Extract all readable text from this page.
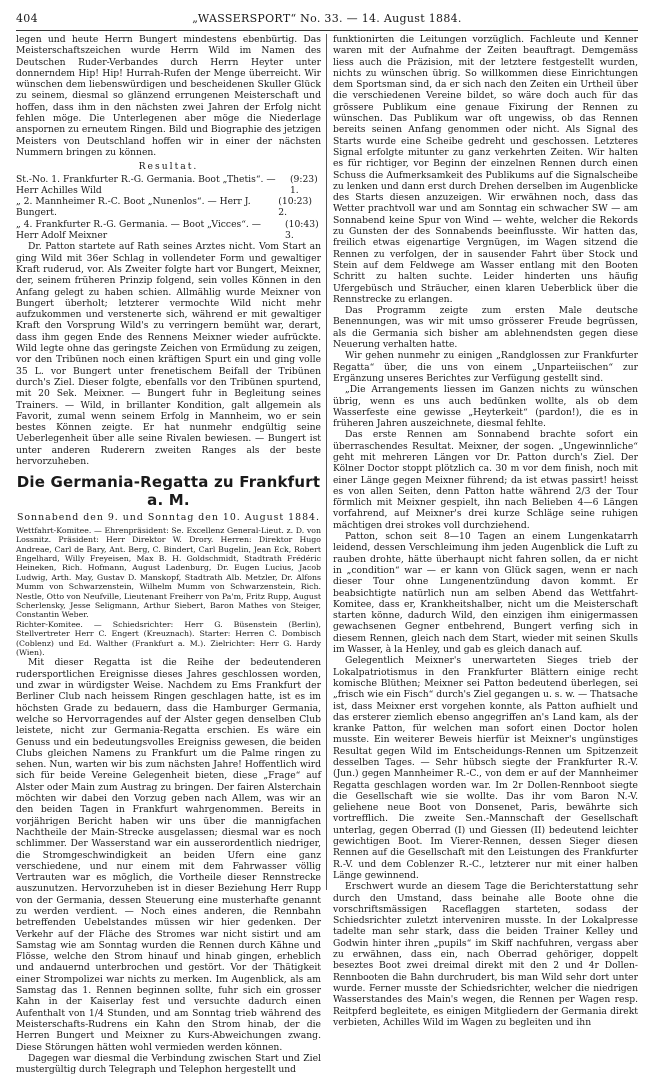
404	„WASSERSPORT“ No. 33. — 14. August 1884.

legen und heute Herrn Bungert mindestens ebenbürtig. Das Meisterschaftszeichen wurde Herrn Wild im Namen des Deutschen Ruder-Verbandes durch Herrn Heyter unter donnerndem Hip! Hip! Hurrah-Rufen der Menge überreicht. Wir wünschen dem liebenswürdigen und bescheidenen Skuller Glück zu seinem, diesmal so glänzend errungenen Meisterschaft und hoffen, dass ihm in den nächsten zwei Jahren der Erfolg nicht fehlen möge. Die Unterlegenen aber möge die Niederlage anspornen zu erneutem Ringen. Bild und Biographie des jetzigen Meisters von Deutschland hoffen wir in einer der nächsten Nummern bringen zu können.

Resultat.
St.-No. 1. Frankfurter R.-G. Germania. Boot „Thetis“. — Herr Achilles Wild
(9:23) 1.
„ 2. Mannheimer R.-C. Boot „Nunenlos“. — Herr J. Bungert.
(10:23) 2.
„ 4. Frankfurter R.-G. Germania. — Boot „Vicces“. — Herr Adolf Meixner
(10:43) 3.

Dr. Patton startete auf Rath seines Arztes nicht. Vom Start an ging Wild mit 36er Schlag in vollendeter Form und gewaltiger Kraft ruderud, vor. Als Zweiter folgte hart vor Bungert, Meixner, der, seinem früheren Prinzip folgend, sein volles Können in den Anfang gelegt zu haben schien. Allmählig wurde Meixner von Bungert überholt; letzterer vermochte Wild nicht mehr aufzukommen und verstenerte sich, während er mit gewaltiger Kraft den Vorsprung Wild's zu verringern bemüht war, derart, dass ihm gegen Ende des Rennens Meixner wieder aufrückte. Wild legte ohne das geringste Zeichen von Ermüdung zu zeigen, vor den Tribünen noch einen kräftigen Spurt ein und ging volle 35 L. vor Bungert unter frenetischem Beifall der Tribünen durch's Ziel. Dieser folgte, ebenfalls vor den Tribünen spurtend, mit 20 Sek. Meixner. — Bungert fuhr in Begleitung seines Trainers. — Wild, in brillanter Kondition, galt allgemein als Favorit, zumal wenn seinem Erfolg in Mannheim, wo er sein bestes Können zeigte. Er hat nunmehr endgültig seine Ueberlegenheit über alle seine Rivalen bewiesen. — Bungert ist unter anderen Ruderern zweiten Ranges als der beste hervorzuheben.

Die Germania-Regatta zu Frankfurt a. M.
Sonnabend den 9. und Sonntag den 10. August 1884.

Wettfahrt-Komitee. — Ehrenpräsident: Se. Excellenz General-Lieut. z. D. von Lossnitz. Präsident: Herr Direktor W. Drory. Herren: Direktor Hugo Andreae, Carl de Bary, Ant. Berg, C. Bindert, Carl Bugelin, Jean Eck, Robert Engelhard, Willy Freyeisen, Max B. H. Goldschmidt, Stadtrath Frédéric Heineken, Rich. Hofmann, August Ladenburg, Dr. Eugen Lucius, Jacob Ludwig, Arth. May, Gustav D. Manskopf, Stadtrath Alb. Metzler, Dr. Alfons Mumm von Schwarzenstein, Wilhelm Mumm von Schwarzenstein, Rich. Nestle, Otto von Neufville, Lieutenant Freiherr von Pa'm, Fritz Rupp, August Scherlensky, Jesse Seligmann, Arthur Siebert, Baron Mathes von Steiger, Constantin Weber.

Richter-Komitee. — Schiedsrichter: Herr G. Büsenstein (Berlin), Stellvertreter Herr C. Engert (Kreuznach). Starter: Herren C. Dombisch (Coblenz) und Ed. Walther (Frankfurt a. M.). Zielrichter: Herr G. Hardy (Wien).

Mit dieser Regatta ist die Reihe der bedeutenderen rudersportlichen Ereignisse dieses Jahres geschlossen worden, und zwar in würdigster Weise. Nachdem zu Ems Frankfurt der Berliner Club nach heissem Ringen geschlagen hatte, ist es im höchsten Grade zu bedauern, dass die Hamburger Germania, welche so Hervorragendes auf der Alster gegen denselben Club leistete, nicht zur Germania-Regatta erschien. Es wäre ein Genuss und ein bedeutungsvolles Ereigniss gewesen, die beiden Clubs gleichen Namens zu Frankfurt um die Palme ringen zu sehen. Nun, warten wir bis zum nächsten Jahre! Hoffentlich wird sich für beide Vereine Gelegenheit bieten, diese „Frage“ auf Alster oder Main zum Austrag zu bringen. Der fairen Alsterchain möchten wir dabei den Vorzug geben nach Allem, was wir an den beiden Tagen in Frankfurt wahrgenommen. Bereits in vorjährigen Bericht haben wir uns über die mannigfachen Nachtheile der Main-Strecke ausgelassen; diesmal war es noch schlimmer. Der Wasserstand war ein ausserordentlich niedriger, die Stromgeschwindigkeit an beiden Ufern eine ganz verschiedene, und nur einem mit dem Fahrwasser völlig Vertrauten war es möglich, die Vortheile dieser Rennstrecke auszunutzen. Hervorzuheben ist in dieser Beziehung Herr Rupp von der Germania, dessen Steuerung eine musterhafte genannt zu werden verdient. — Noch eines anderen, die Rennbahn betreffenden Uebelstandes müssen wir hier gedenken. Der Verkehr auf der Fläche des Stromes war nicht sistirt und am Samstag wie am Sonntag wurden die Rennen durch Kähne und Flösse, welche den Strom hinauf und hinab gingen, erheblich und andauernd unterbrochen und gestört. Vor der Thätigkeit einer Strompolizei war nichts zu merken. Im Augenblick, als am Samstag das 1. Rennen beginnen sollte, fuhr sich ein grosser Kahn in der Kaiserlay fest und versuchte dadurch einen Aufenthalt von 1/4 Stunden, und am Sonntag trieb während des Meisterschafts-Rudrens ein Kahn den Strom hinab, der die Herren Bungert und Meixner zu Kurs-Abweichungen zwang. Diese Störungen hätten wohl vermieden werden können.

Dagegen war diesmal die Verbindung zwischen Start und Ziel mustergültig durch Telegraph und Telephon hergestellt und

funktionirten die Leitungen vorzüglich. Fachleute und Kenner waren mit der Aufnahme der Zeiten beauftragt. Demgemäss liess auch die Präzision, mit der letztere festgestellt wurden, nichts zu wünschen übrig. So willkommen diese Einrichtungen dem Sportsman sind, da er sich nach den Zeiten ein Urtheil über die verschiedenen Vereine bildet, so wäre doch auch für das grössere Publikum eine genaue Fixirung der Rennen zu wünschen. Das Publikum war oft ungewiss, ob das Rennen bereits seinen Anfang genommen oder nicht. Als Signal des Starts wurde eine Scheibe gedreht und geschossen. Letzteres Signal erfolgte mitunter zu ganz verkehrten Zeiten. Wir halten es für richtiger, vor Beginn der einzelnen Rennen durch einen Schuss die Aufmerksamkeit des Publikums auf die Signalscheibe zu lenken und dann erst durch Drehen derselben im Augenblicke des Starts diesen anzuzeigen. Wir erwähnen noch, dass das Wetter prachtvoll war und am Sonntag ein schwacher SW — am Sonnabend keine Spur von Wind — wehte, welcher die Rekords zu Gunsten der des Sonnabends beeinflusste. Wir hatten das, freilich etwas eigenartige Vergnügen, im Wagen sitzend die Rennen zu verfolgen, der in sausender Fahrt über Stock und Stein auf dem Feldwege am Wasser entlang mit den Booten Schritt zu halten suchte. Leider hinderten uns häufig Ufergebüsch und Sträucher, einen klaren Ueberblick über die Rennstrecke zu erlangen.

Das Programm zeigte zum ersten Male deutsche Benennungen, was wir mit umso grösserer Freude begrüssen, als die Germania sich bisher am ablehnendsten gegen diese Neuerung verhalten hatte.

Wir gehen nunmehr zu einigen „Randglossen zur Frankfurter Regatta“ über, die uns von einem „Unparteiischen“ zur Ergänzung unseres Berichtes zur Verfügung gestellt sind.

„Die Arrangements liessen im Ganzen nichts zu wünschen übrig, wenn es uns auch bedünken wollte, als ob dem Wasserfeste eine gewisse „Heyterkeit“ (pardon!), die es in früheren Jahren auszeichnete, diesmal fehlte.

Das erste Rennen am Sonnabend brachte sofort ein überraschendes Resultat. Meixner, der sogen. „Ungewinnliche“ geht mit mehreren Längen vor Dr. Patton durch's Ziel. Der Kölner Doctor stoppt plötzlich ca. 30 m vor dem finish, noch mit einer Länge gegen Meixner führend; da ist etwas passirt! heisst es von allen Seiten, denn Patton hatte während 2/3 der Tour förmlich mit Meixner gespielt, ihn nach Belieben 4—6 Längen vorfahrend, auf Meixner's drei kurze Schläge seine ruhigen mächtigen drei strokes voll durchziehend.

Patton, schon seit 8—10 Tagen an einem Lungenkatarrh leidend, dessen Verschleimung ihm jeden Augenblick die Luft zu rauben drohte, hätte überhaupt nicht fahren sollen, da er nicht in „condition“ war — er kann von Glück sagen, wenn er nach dieser Tour ohne Lungenentzündung davon kommt. Er beabsichtigte natürlich nun am selben Abend das Wettfahrt-Komitee, dass er, Krankheitshalber, nicht um die Meisterschaft starten könne, dadurch Wild, den einzigen ihm einigermassen gewachsenen Gegner entbehrend, Bungert verfing sich in diesem Rennen, gleich nach dem Start, wieder mit seinen Skulls im Wasser, à la Henley, und gab es gleich danach auf.

Gelegentlich Meixner's unerwarteten Sieges trieb der Lokalpatriotismus in den Frankfurter Blättern einige recht komische Blüthen; Meixner sei Patton bedeutend überlegen, sei „frisch wie ein Fisch“ durch's Ziel gegangen u. s. w. — Thatsache ist, dass Meixner erst vorgehen konnte, als Patton aufhielt und das ersterer ziemlich ebenso angegriffen an's Land kam, als der kranke Patton, für welchen man sofort einen Doctor holen musste. Ein weiterer Beweis hierfür ist Meixner's ungünstiges Resultat gegen Wild im Entscheidungs-Rennen um Spitzenzeit desselben Tages. — Sehr hübsch siegte der Frankfurter R.-V. (Jun.) gegen Mannheimer R.-C., von dem er auf der Mannheimer Regatta geschlagen worden war. Im 2r Dollen-Rennboot siegte die Gesellschaft wie sie wollte. Das ihr vom Baron N.-V. geliehene neue Boot von Donsenet, Paris, bewährte sich vortrefflich. Die zweite Sen.-Mannschaft der Gesellschaft unterlag, gegen Oberrad (I) und Giessen (II) bedeutend leichter gewichtigen Boot. Im Vierer-Rennen, dessen Sieger diesen Rennen auf die Gesellschaft mit den Leistungen des Frankfurter R.-V. und dem Coblenzer R.-C., letzterer nur mit einer halben Länge gewinnend.

Erschwert wurde an diesem Tage die Berichterstattung sehr durch den Umstand, dass beinahe alle Boote ohne die vorschriftsmässigen Raceflaggen starteten, sodass der Schiedsrichter zuletzt interveniren musste. In der Lokalpresse tadelte man sehr stark, dass die beiden Trainer Kelley und Godwin hinter ihren „pupils“ im Skiff nachfuhren, vergass aber zu erwähnen, dass ein, nach Oberrad gehöriger, doppelt beseztes Boot zwei dreimal direkt mit den 2 und 4r Dollen-Rennbooten die Bahn durchrudert, bis man Wild sehr dort unter wurde. Ferner musste der Schiedsrichter, welcher die niedrigen Wasserstandes des Main's wegen, die Rennen per Wagen resp. Reitpferd begleitete, es einigen Mitgliedern der Germania direkt verbieten, Achilles Wild im Wagen zu begleiten und ihn
